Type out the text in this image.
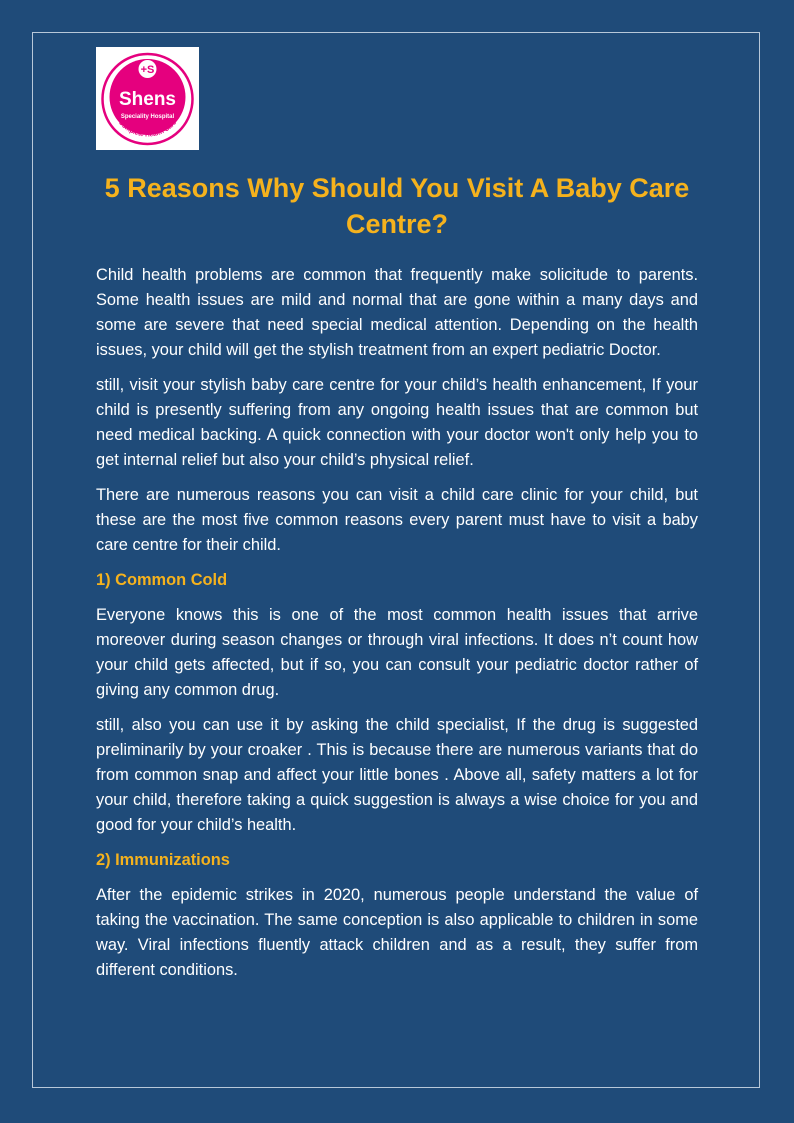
+S
Shens
Speciality Hospital
Complete Health Care
5 Reasons Why Should You Visit A Baby Care Centre?

Child health problems are common that frequently make solicitude to parents. Some health issues are mild and normal that are gone within a many days and some are severe that need special medical attention. Depending on the health issues, your child will get the stylish treatment from an expert pediatric Doctor.

still, visit your stylish baby care centre for your child’s health enhancement, If your child is presently suffering from any ongoing health issues that are common but need medical backing. A quick connection with your doctor won't only help you to get internal relief but also your child’s physical relief.

There are numerous reasons you can visit a child care clinic for your child, but these are the most five common reasons every parent must have to visit a baby care centre for their child.

1) Common Cold

Everyone knows this is one of the most common health issues that arrive moreover during season changes or through viral infections. It does n’t count how your child gets affected, but if so, you can consult your pediatric doctor rather of giving any common drug.

still, also you can use it by asking the child specialist, If the drug is suggested preliminarily by your croaker . This is because there are numerous variants that do from common snap and affect your little bones . Above all, safety matters a lot for your child, therefore taking a quick suggestion is always a wise choice for you and good for your child’s health.

2) Immunizations

After the epidemic strikes in 2020, numerous people understand the value of taking the vaccination. The same conception is also applicable to children in some way. Viral infections fluently attack children and as a result, they suffer from different conditions.
